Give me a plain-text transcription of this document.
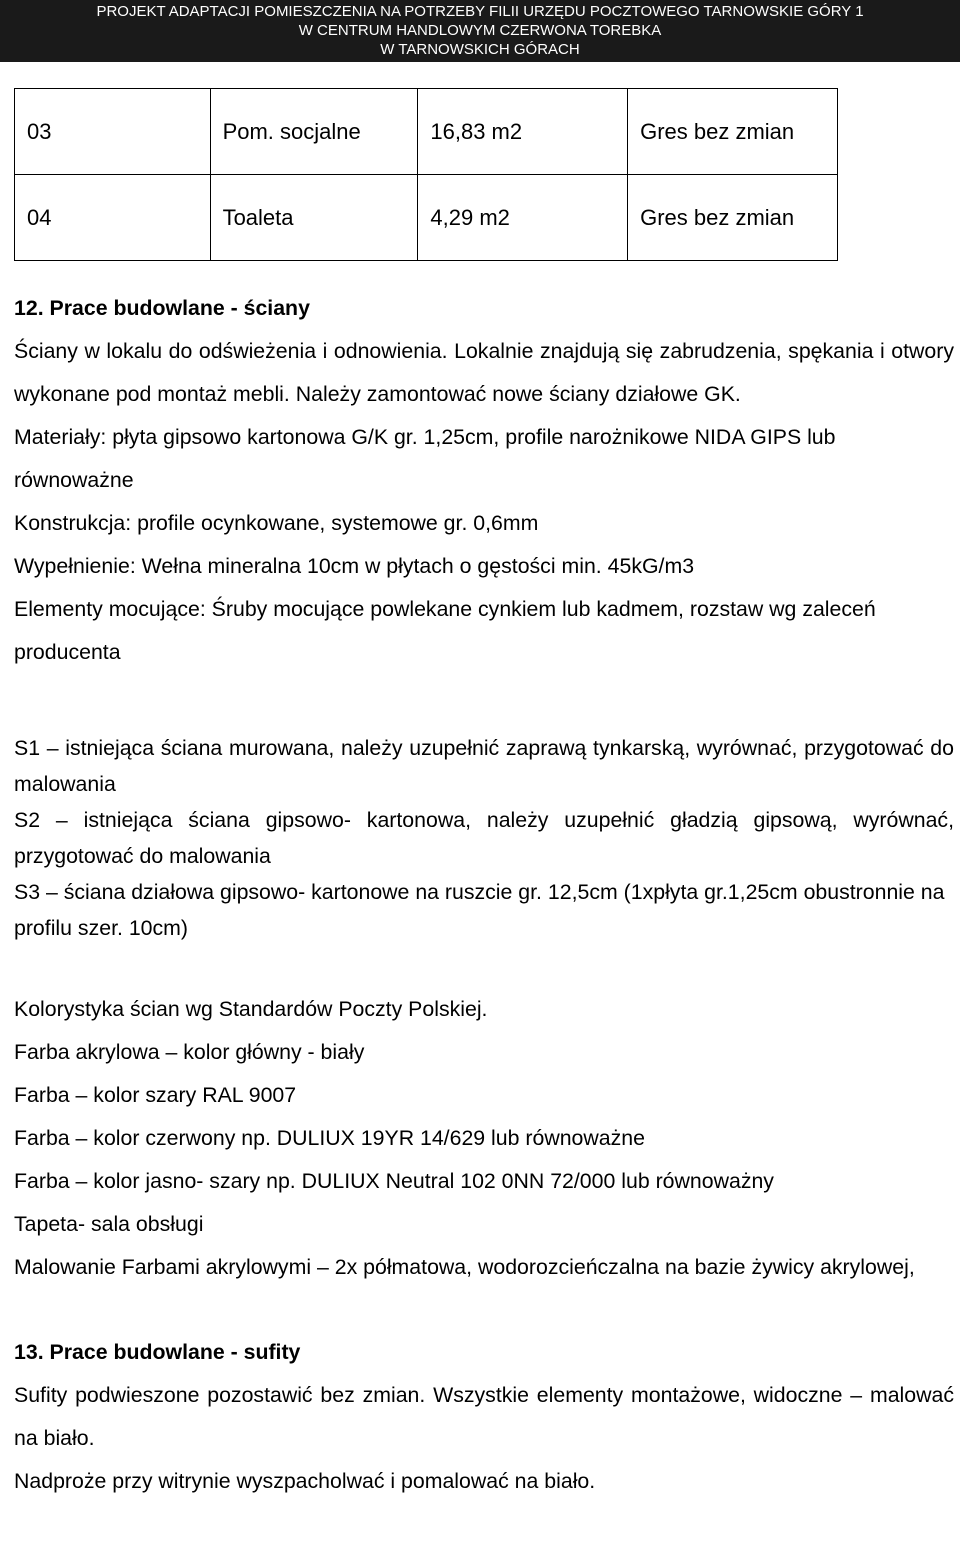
PROJEKT ADAPTACJI POMIESZCZENIA NA POTRZEBY FILII URZĘDU POCZTOWEGO TARNOWSKIE GÓRY 1
W CENTRUM HANDLOWYM CZERWONA TOREBKA
W TARNOWSKICH GÓRACH
03	Pom. socjalne	16,83 m2	Gres bez zmian
04	Toaleta	4,29 m2	Gres bez zmian

12. Prace budowlane - ściany

Ściany w lokalu do odświeżenia i odnowienia. Lokalnie znajdują się zabrudzenia, spękania i otwory wykonane pod montaż mebli. Należy zamontować nowe ściany działowe GK.

Materiały: płyta gipsowo kartonowa G/K gr. 1,25cm, profile narożnikowe NIDA GIPS lub równoważne

Konstrukcja: profile ocynkowane, systemowe gr. 0,6mm

Wypełnienie: Wełna mineralna 10cm w płytach o gęstości min. 45kG/m3

Elementy mocujące: Śruby mocujące powlekane cynkiem lub kadmem, rozstaw wg zaleceń producenta

S1 – istniejąca ściana murowana, należy uzupełnić zaprawą tynkarską, wyrównać, przygotować do malowania

S2 – istniejąca ściana gipsowo- kartonowa, należy uzupełnić gładzią gipsową, wyrównać, przygotować do malowania

S3 – ściana działowa gipsowo- kartonowe na ruszcie gr. 12,5cm (1xpłyta gr.1,25cm obustronnie na profilu szer. 10cm)

Kolorystyka ścian wg Standardów Poczty Polskiej.

Farba akrylowa – kolor główny - biały

Farba – kolor szary RAL 9007

Farba – kolor czerwony np. DULIUX 19YR 14/629 lub równoważne

Farba – kolor jasno- szary np. DULIUX Neutral 102 0NN 72/000 lub równoważny

Tapeta- sala obsługi

Malowanie Farbami akrylowymi – 2x półmatowa, wodorozcieńczalna na bazie żywicy akrylowej,

13. Prace budowlane - sufity

Sufity podwieszone pozostawić bez zmian. Wszystkie elementy montażowe, widoczne – malować na biało.

Nadproże przy witrynie wyszpacholwać i pomalować na biało.
